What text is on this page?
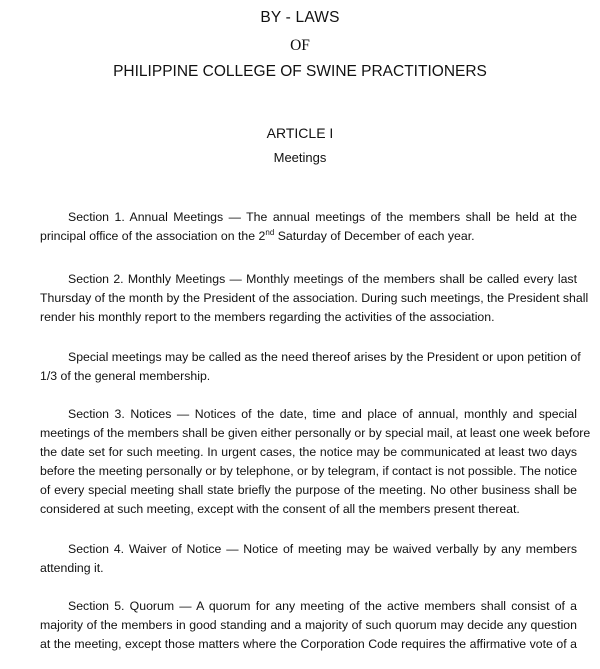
BY - LAWS
OF
PHILIPPINE COLLEGE OF SWINE PRACTITIONERS
ARTICLE I
Meetings
Section 1. Annual Meetings — The annual meetings of the members shall be held at the
principal office of the association on the 2nd Saturday of December of each year.
Section 2. Monthly Meetings — Monthly meetings of the members shall be called every last
Thursday of the month by the President of the association. During such meetings, the President shall
render his monthly report to the members regarding the activities of the association.
Special meetings may be called as the need thereof arises by the President or upon petition of
1/3 of the general membership.
Section 3. Notices — Notices of the date, time and place of annual, monthly and special
meetings of the members shall be given either personally or by special mail, at least one week before
the date set for such meeting. In urgent cases, the notice may be communicated at least two days
before the meeting personally or by telephone, or by telegram, if contact is not possible. The notice
of every special meeting shall state briefly the purpose of the meeting. No other business shall be
considered at such meeting, except with the consent of all the members present thereat.
Section 4. Waiver of Notice — Notice of meeting may be waived verbally by any members
attending it.
Section 5. Quorum — A quorum for any meeting of the active members shall consist of a
majority of the members in good standing and a majority of such quorum may decide any question
at the meeting, except those matters where the Corporation Code requires the affirmative vote of a
